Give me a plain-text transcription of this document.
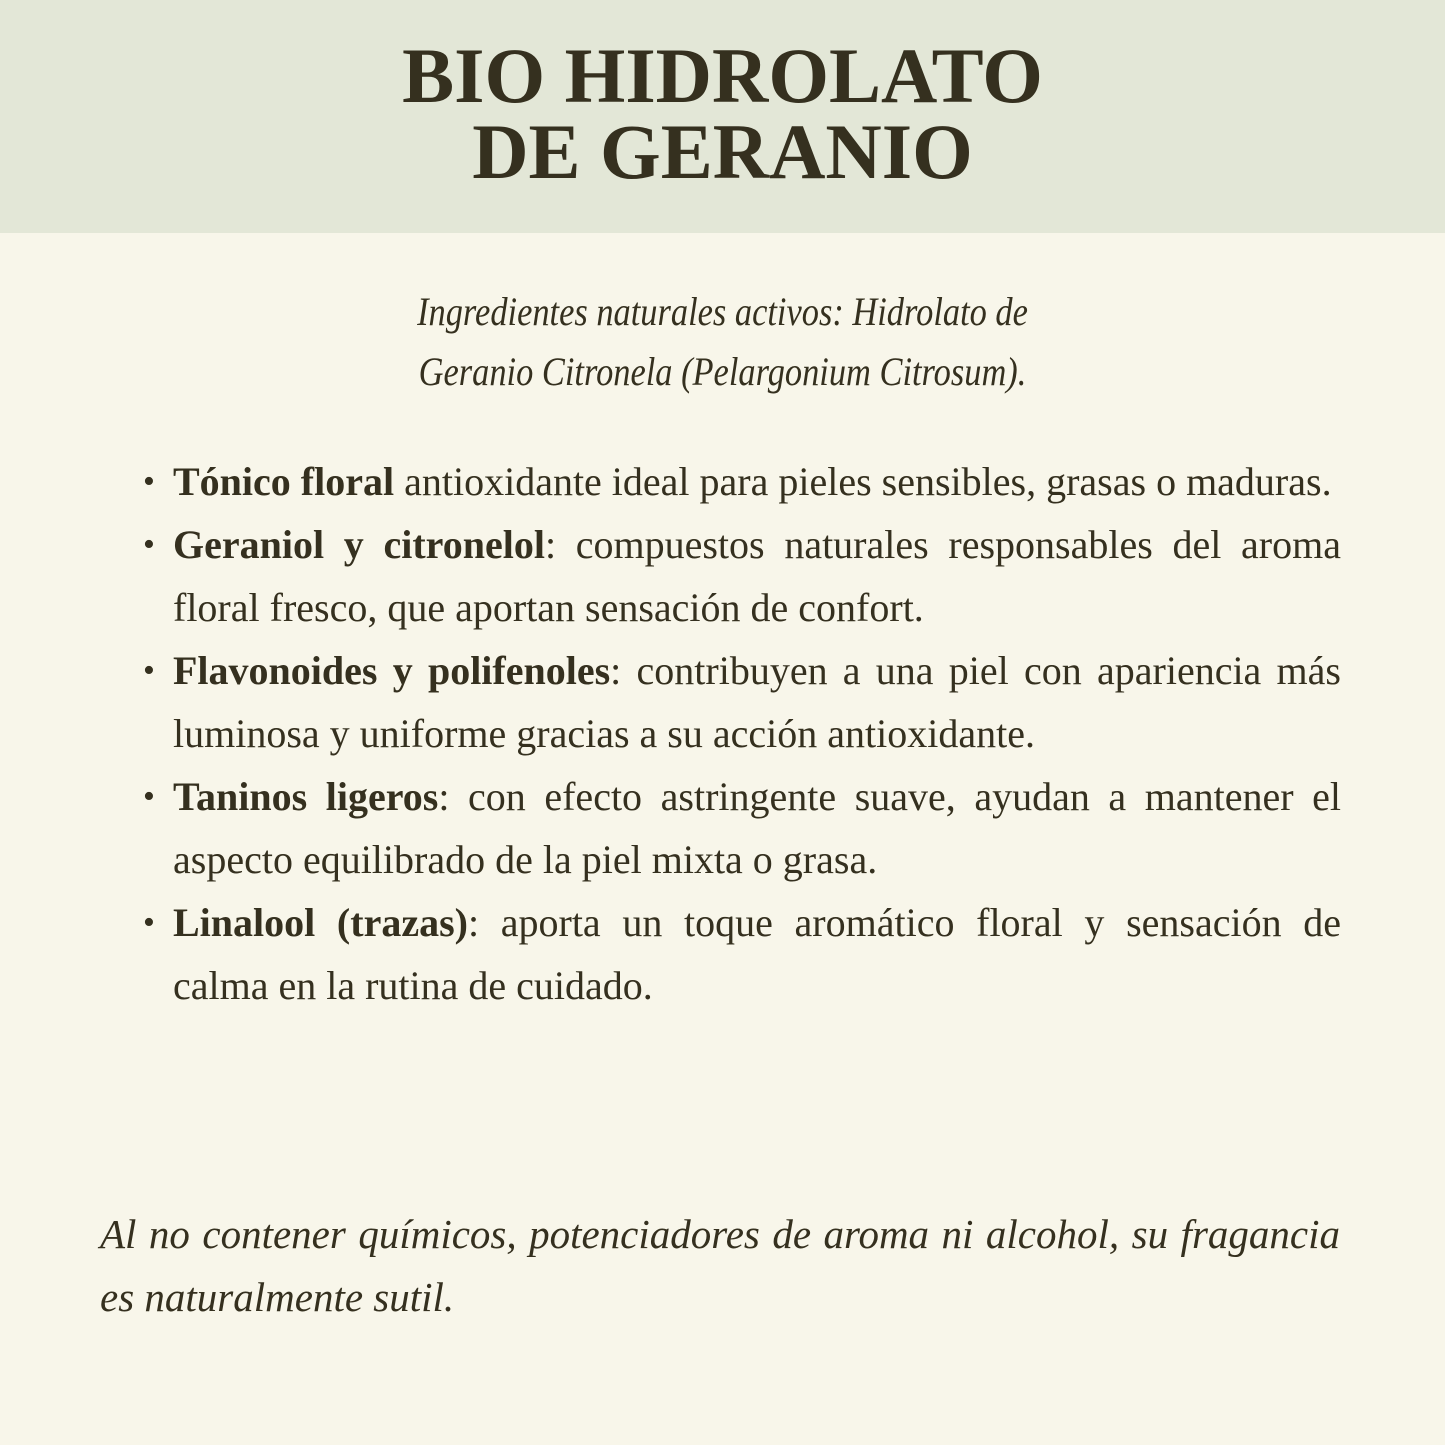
BIO HIDROLATO
DE GERANIO
Ingredientes naturales activos: Hidrolato de
Geranio Citronela (Pelargonium Citrosum).
• Tónico floral antioxidante ideal para pieles sensibles, grasas o maduras.
• Geraniol y citronelol: compuestos naturales responsables del aroma floral fresco, que aportan sensación de confort.
• Flavonoides y polifenoles: contribuyen a una piel con apariencia más luminosa y uniforme gracias a su acción antioxidante.
• Taninos ligeros: con efecto astringente suave, ayudan a mantener el aspecto equilibrado de la piel mixta o grasa.
• Linalool (trazas): aporta un toque aromático floral y sensación de calma en la rutina de cuidado.
Al no contener químicos, potenciadores de aroma ni alcohol, su fragancia es naturalmente sutil.
